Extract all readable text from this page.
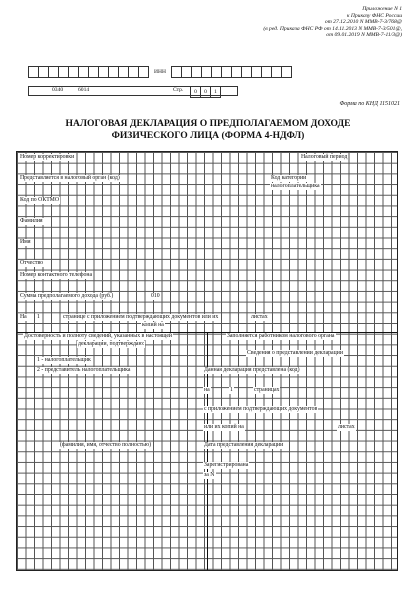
Приложение N 1
к Приказу ФНС России
от 27.12.2010 N ММВ-7-3/768@
(в ред. Приказа ФНС РФ от 14.11.2013 N ММВ-7-3/501@,
от 09.01.2019 N ММВ-7-11/3@)
												ИНН												
0340	6014	Стр. 0	0	1
Форма по КНД 1151021
НАЛОГОВАЯ ДЕКЛАРАЦИЯ О ПРЕДПОЛАГАЕМОМ ДОХОДЕ
ФИЗИЧЕСКОГО ЛИЦА (ФОРМА 4-НДФЛ)
Номер корректировки	Налоговый период
Представляется в налоговый орган (код)	Код категории
налогоплательщика
Код по ОКТМО
Фамилия
Имя
Отчество
Номер контактного телефона
Сумма предполагаемого дохода (руб.)	010
На 1	странице с приложением подтверждающих документов или их
копий на
листах
Достоверность и полноту сведений, указанных в настоящей
декларации, подтверждаю:
1 - налогоплательщик
2 - представитель налогоплательщика
(фамилия, имя, отчество полностью)
Заполняется работником налогового органа
Сведения о представлении декларации
Данная декларация представлена (код)
на	1	страницах
с приложением подтверждающих документов
или их копий на	листах
Дата представления декларации
Зарегистрирована
за N
